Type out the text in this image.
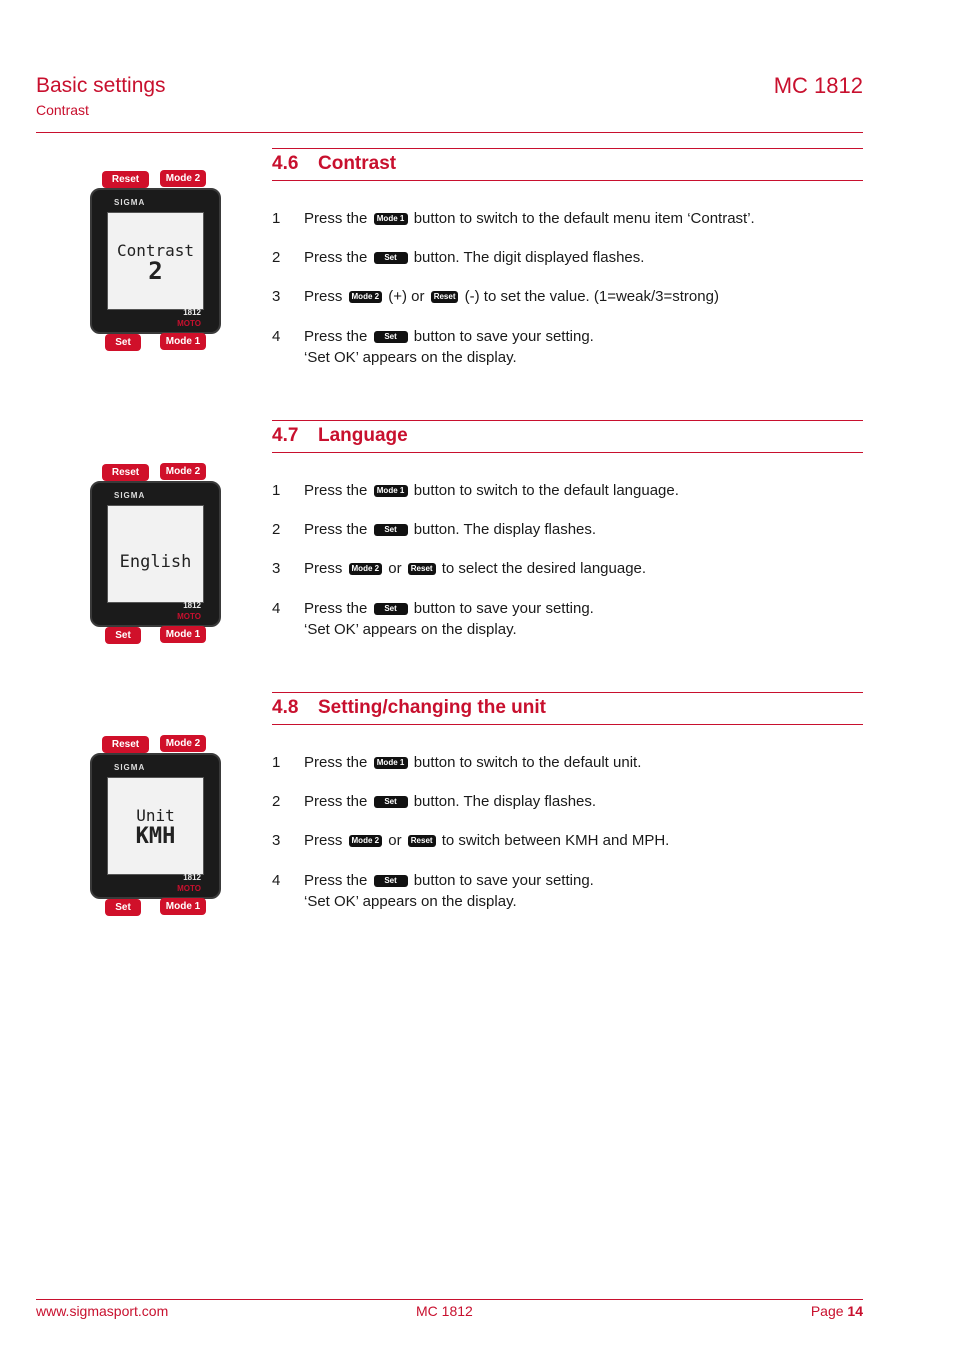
Basic settings
Contrast
MC 1812
Reset	Mode 2
SIGMA
Contrast
2
1812
MOTO
Set	Mode 1
4.6 Contrast
1 Press the Mode 1 button to switch to the default menu item ‘Contrast’.
2 Press the Set button. The digit displayed flashes.
3 Press Mode 2 (+) or Reset (-) to set the value. (1=weak/3=strong)
4 Press the Set button to save your setting.
‘Set OK’ appears on the display.
Reset	Mode 2
SIGMA
English
1812
MOTO
Set	Mode 1
4.7 Language
1 Press the Mode 1 button to switch to the default language.
2 Press the Set button. The display flashes.
3 Press Mode 2 or Reset to select the desired language.
4 Press the Set button to save your setting.
‘Set OK’ appears on the display.
Reset	Mode 2
SIGMA
Unit
KMH
1812
MOTO
Set	Mode 1
4.8 Setting/changing the unit
1 Press the Mode 1 button to switch to the default unit.
2 Press the Set button. The display flashes.
3 Press Mode 2 or Reset to switch between KMH and MPH.
4 Press the Set button to save your setting.
‘Set OK’ appears on the display.
www.sigmasport.com	MC 1812	Page 14
